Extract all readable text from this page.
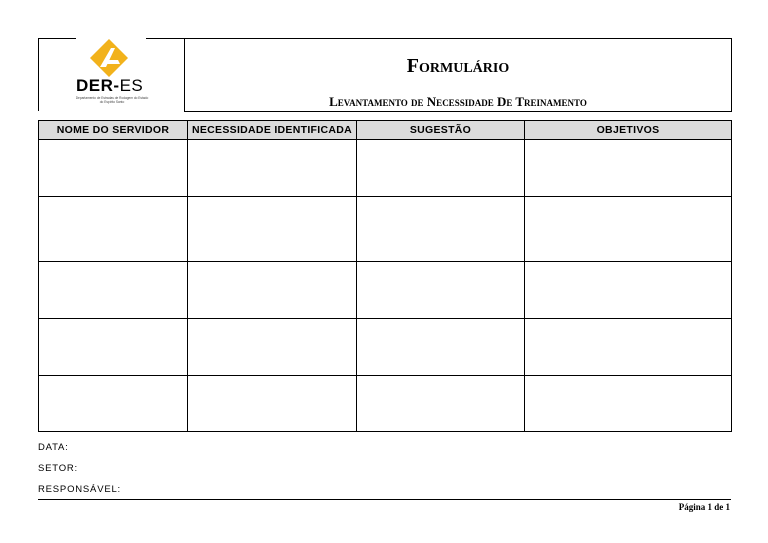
DER-ES
Departamento de Estradas de Rodagem do Estado do Espírito Santo
Formulário
Levantamento de Necessidade De Treinamento
NOME DO SERVIDOR	NECESSIDADE IDENTIFICADA	SUGESTÃO	OBJETIVOS

DATA:
SETOR:
RESPONSÁVEL:
Página 1 de 1
